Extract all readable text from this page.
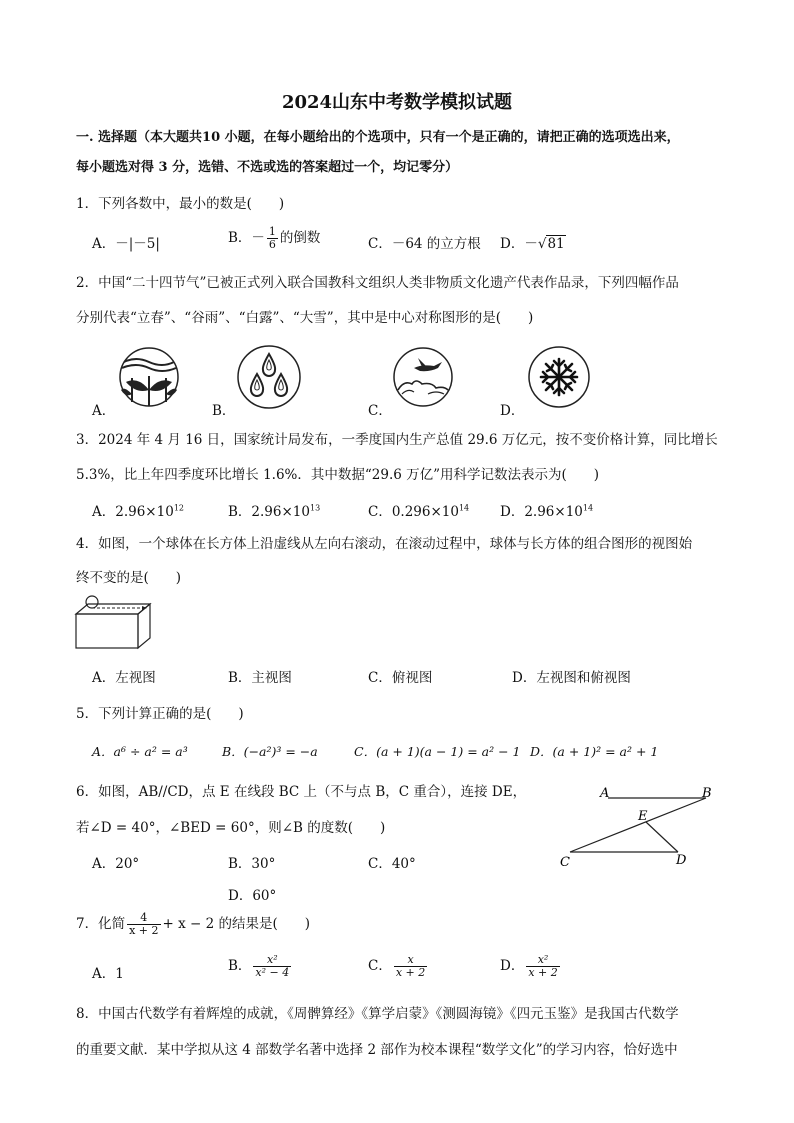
2024山东中考数学模拟试题
一. 选择题（本大题共10 小题，在每小题给出的个选项中，只有一个是正确的，请把正确的选项选出来，
每小题选对得 3 分，选错、不选或选的答案超过一个，均记零分）
1．下列各数中，最小的数是(　　)
A．－|－5|	B．－ $\frac{1}{6}$ 的倒数	C．－64 的立方根 D．－√81
2．中国“二十四节气”已被正式列入联合国教科文组织人类非物质文化遗产代表作品录，下列四幅作品
分别代表“立春”、“谷雨”、“白露”、“大雪”，其中是中心对称图形的是(　　)
A．	B．	C．	D．
3．2024 年 4 月 16 日，国家统计局发布，一季度国内生产总值 29.6 万亿元，按不变价格计算，同比增长
5.3%，比上年四季度环比增长 1.6%．其中数据“29.6 万亿”用科学记数法表示为(　　)
A．$2.96\times 10^{12}$	B．$2.96\times 10^{13}$	C．$0.296\times 10^{14}$ D．$2.96\times 10^{14}$
4．如图，一个球体在长方体上沿虚线从左向右滚动，在滚动过程中，球体与长方体的组合图形的视图始
终不变的是(　　)
A．左视图	B．主视图	C．俯视图	D．左视图和俯视图
5．下列计算正确的是(　　)
A．a⁶ ÷ a² = a³	B．(−a²)³ = −a	C．(a + 1)(a − 1) = a² − 1 D．(a + 1)² = a² + 1
6．如图，AB//CD，点 E 在线段 BC 上（不与点 B，C 重合），连接 DE，
若∠D = 40°，∠BED = 60°，则∠B 的度数(　　)
A．20°	B．30°	C．40°
D．60°
A	B
E
C	D
7．化简 $\frac{4}{x + 2} + x - 2$ 的结果是(　　)
A．1	B． $\frac{\text{x²}}{\text{x² − 4}}$	C． $\frac{x}{x + 2}$	D． $\frac{\text{x²}}{x + 2}$
8．中国古代数学有着辉煌的成就，《周髀算经》《算学启蒙》《测圆海镜》《四元玉鉴》是我国古代数学
的重要文献．某中学拟从这 4 部数学名著中选择 2 部作为校本课程“数学文化”的学习内容，恰好选中
